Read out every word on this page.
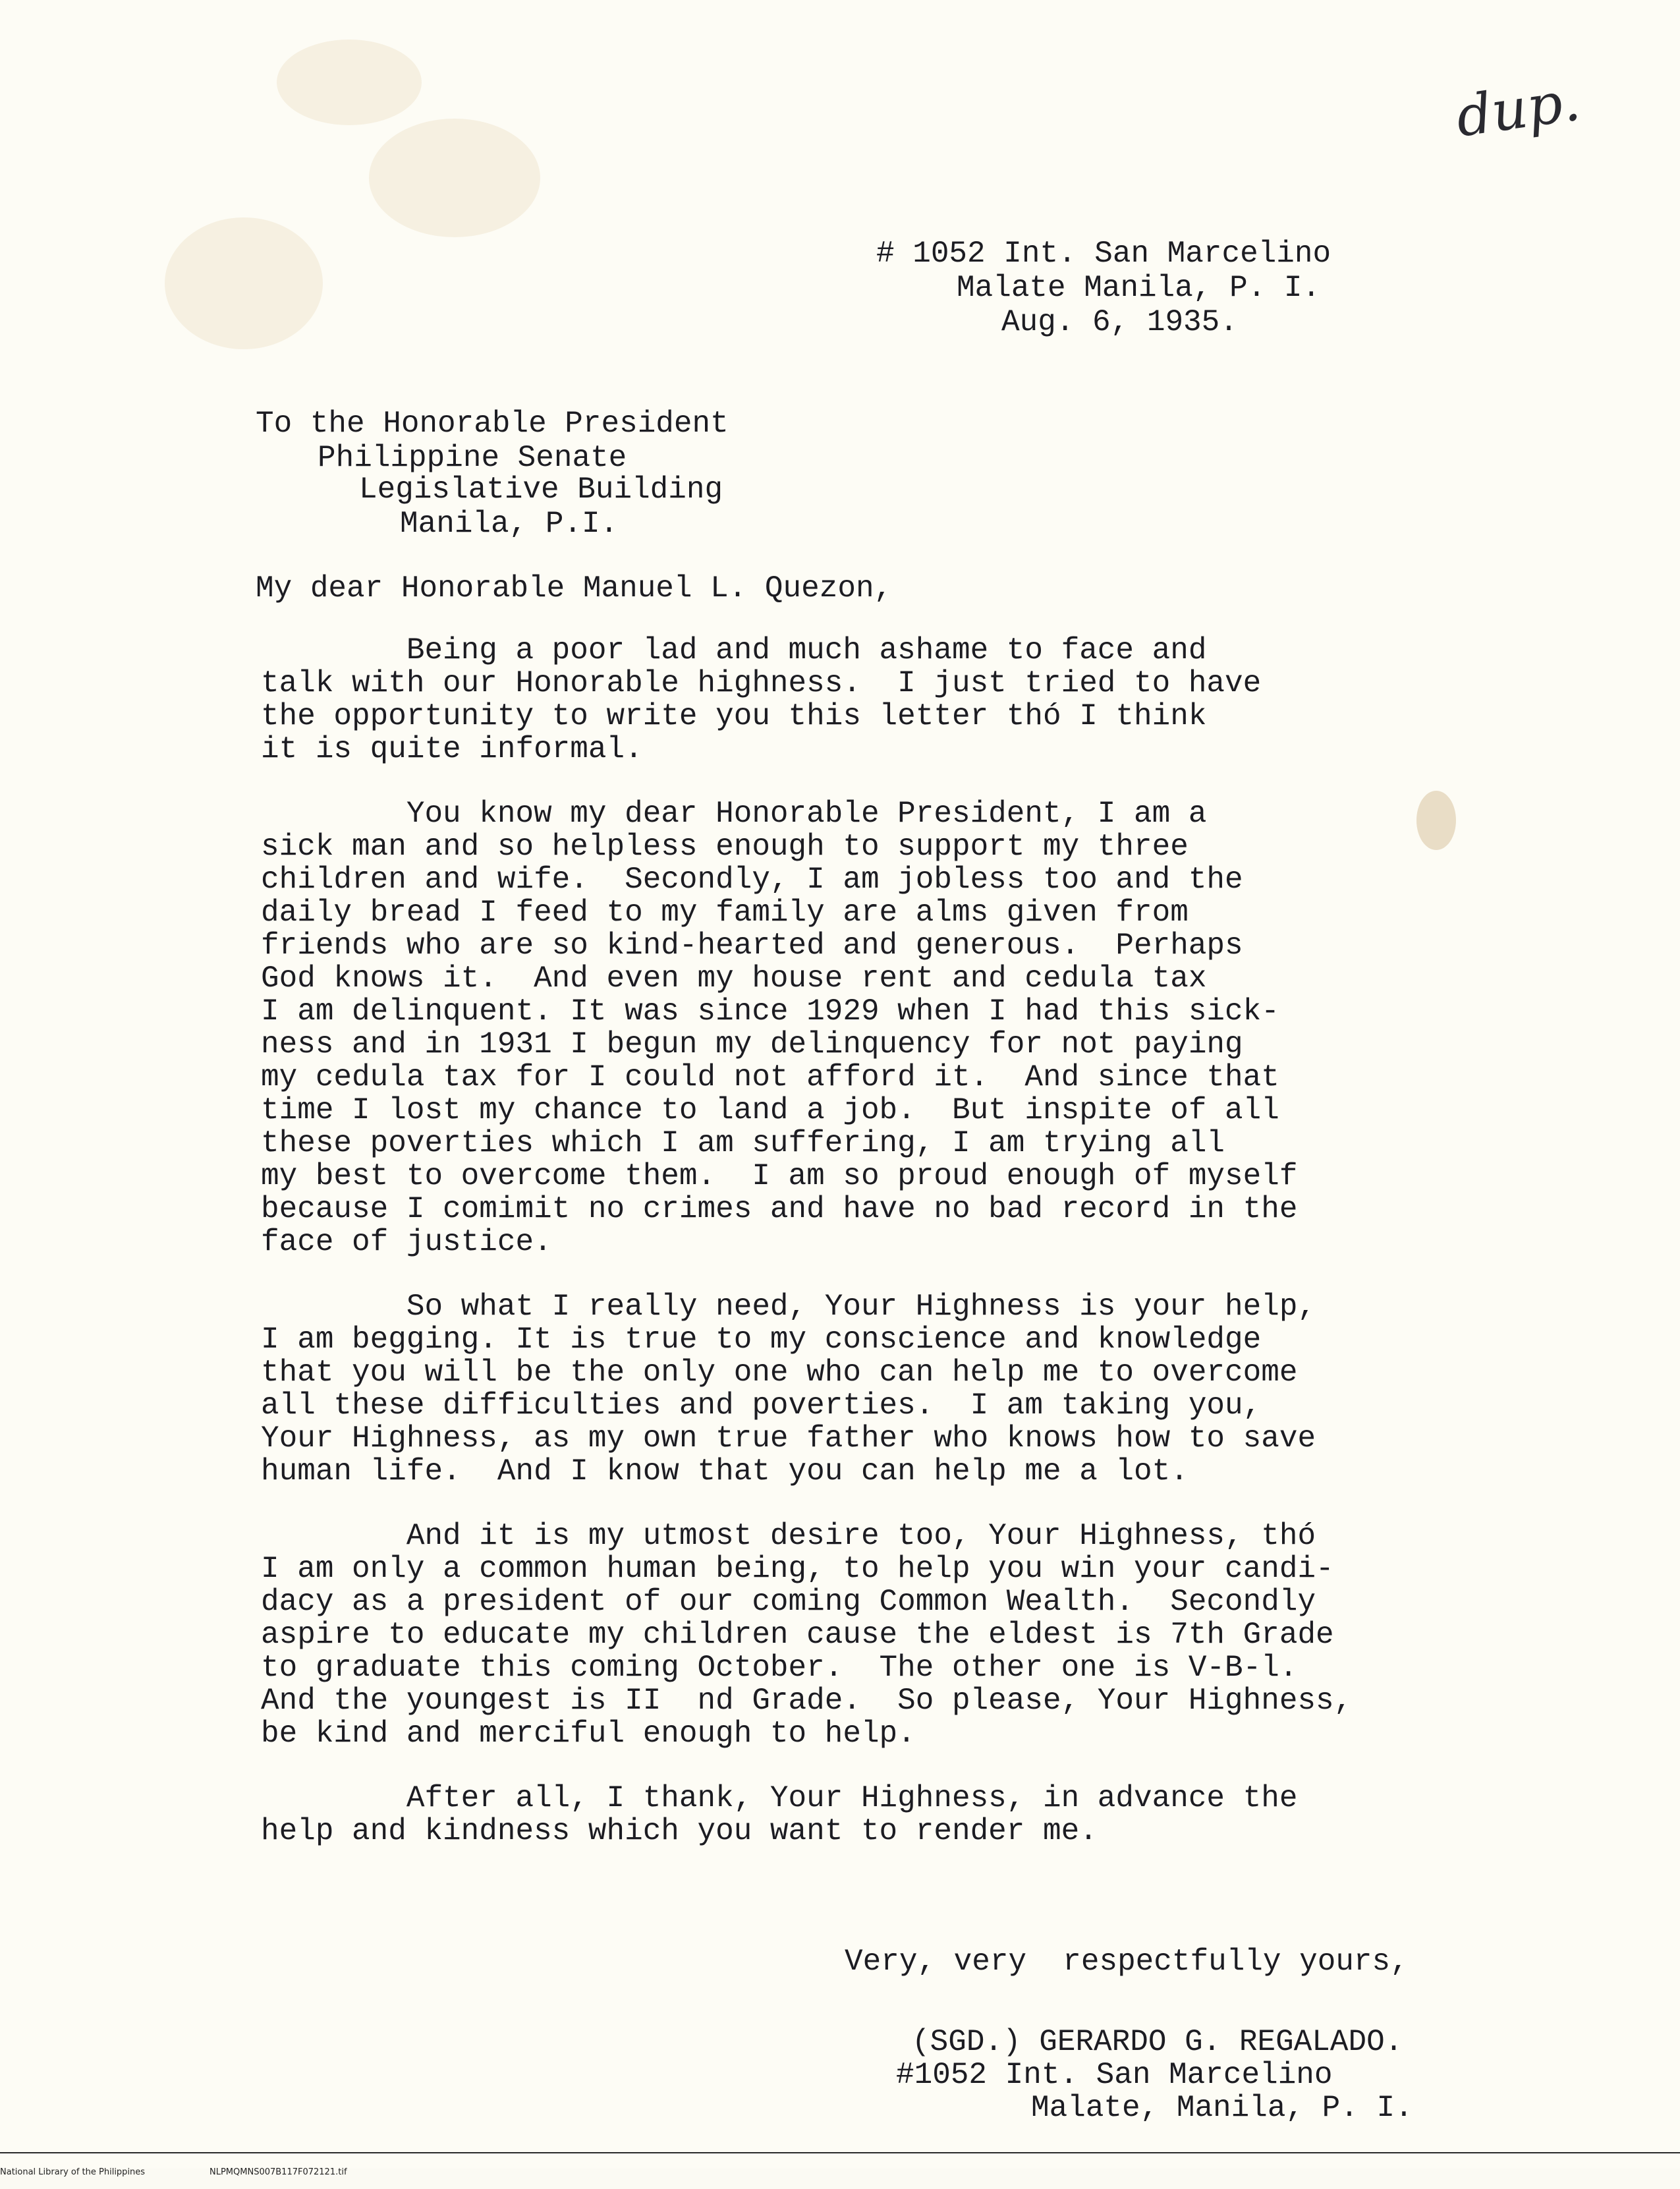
dup.
# 1052 Int. San Marcelino
Malate Manila, P. I.
Aug. 6, 1935.
To the Honorable President
Philippine Senate
Legislative Building
Manila, P.I.
My dear Honorable Manuel L. Quezon,
Being a poor lad and much ashame to face and
talk with our Honorable highness.  I just tried to have
the opportunity to write you this letter thó I think
it is quite informal.
You know my dear Honorable President, I am a
sick man and so helpless enough to support my three
children and wife.  Secondly, I am jobless too and the
daily bread I feed to my family are alms given from
friends who are so kind-hearted and generous.  Perhaps
God knows it.  And even my house rent and cedula tax
I am delinquent. It was since 1929 when I had this sick-
ness and in 1931 I begun my delinquency for not paying
my cedula tax for I could not afford it.  And since that
time I lost my chance to land a job.  But inspite of all
these poverties which I am suffering, I am trying all
my best to overcome them.  I am so proud enough of myself
because I comimit no crimes and have no bad record in the
face of justice.
So what I really need, Your Highness is your help,
I am begging. It is true to my conscience and knowledge
that you will be the only one who can help me to overcome
all these difficulties and poverties.  I am taking you,
Your Highness, as my own true father who knows how to save
human life.  And I know that you can help me a lot.
And it is my utmost desire too, Your Highness, thó
I am only a common human being, to help you win your candi-
dacy as a president of our coming Common Wealth.  Secondly
aspire to educate my children cause the eldest is 7th Grade
to graduate this coming October.  The other one is V-B-l.
And the youngest is II  nd Grade.  So please, Your Highness,
be kind and merciful enough to help.
After all, I thank, Your Highness, in advance the
help and kindness which you want to render me.
Very, very  respectfully yours,
(SGD.) GERARDO G. REGALADO.
#1052 Int. San Marcelino
Malate, Manila, P. I.
National Library of the Philippines	NLPMQMNS007B117F072121.tif
